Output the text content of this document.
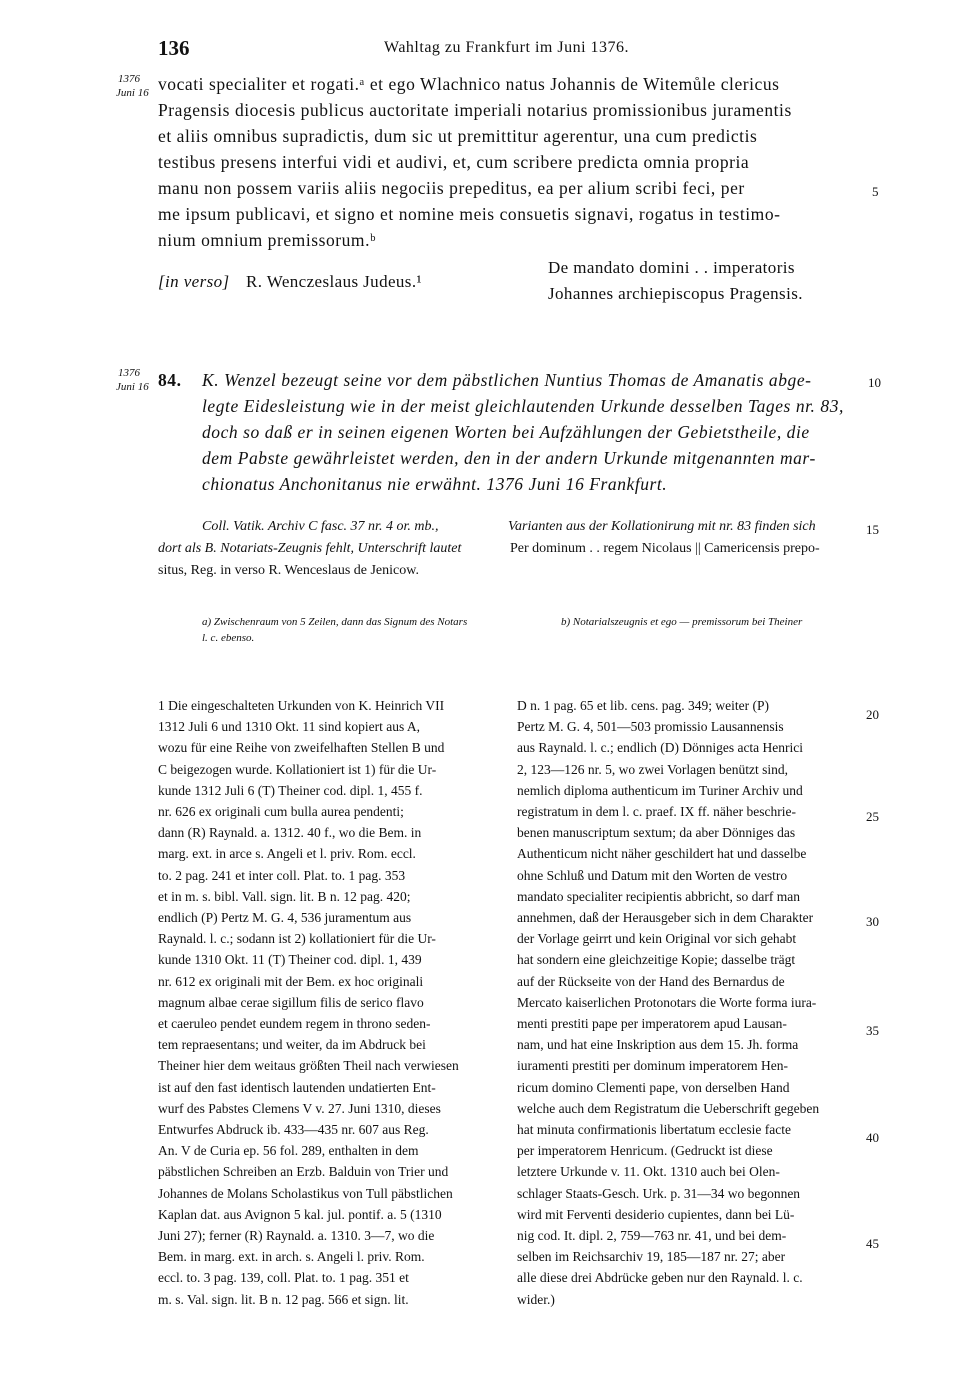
136	Wahltag zu Frankfurt im Juni 1376.
1376
Juni 16 vocati specialiter et rogati.ᵃ et ego Wlachnico natus Johannis de Witemůle clericus
Pragensis diocesis publicus auctoritate imperiali notarius promissionibus juramentis
et aliis omnibus supradictis, dum sic ut premittitur agerentur, una cum predictis
testibus presens interfui vidi et audivi, et, cum scribere predicta omnia propria
manu non possem variis aliis negociis prepeditus, ea per alium scribi feci, per
me ipsum publicavi, et signo et nomine meis consuetis signavi, rogatus in testimo-
nium omnium premissorum.ᵇ
5
10
15
20
25
30
35
40
45
[in verso] R. Wenczeslaus Judeus.¹
De mandato domini . . imperatoris
Johannes archiepiscopus Pragensis.
1376
Juni 16 84. K. Wenzel bezeugt seine vor dem päbstlichen Nuntius Thomas de Amanatis abge-
legte Eidesleistung wie in der meist gleichlautenden Urkunde desselben Tages nr. 83,
doch so daß er in seinen eigenen Worten bei Aufzählungen der Gebietstheile, die
dem Pabste gewährleistet werden, den in der andern Urkunde mitgenannten mar-
chionatus Anchonitanus nie erwähnt. 1376 Juni 16 Frankfurt.
Coll. Vatik. Archiv C fasc. 37 nr. 4 or. mb.,	Varianten aus der Kollationirung mit nr. 83 finden sich
dort als B. Notariats-Zeugnis fehlt, Unterschrift lautet	Per dominum . . regem Nicolaus || Camericensis prepo-
situs, Reg. in verso R. Wenceslaus de Jenicow.
a) Zwischenraum von 5 Zeilen, dann das Signum des Notars
l. c. ebenso.
b) Notarialszeugnis et ego — premissorum bei Theiner
1 Die eingeschalteten Urkunden von K. Heinrich VII
1312 Juli 6 und 1310 Okt. 11 sind kopiert aus A,
wozu für eine Reihe von zweifelhaften Stellen B und
C beigezogen wurde. Kollationiert ist 1) für die Ur-
kunde 1312 Juli 6 (T) Theiner cod. dipl. 1, 455 f.
nr. 626 ex originali cum bulla aurea pendenti;
dann (R) Raynald. a. 1312. 40 f., wo die Bem. in
marg. ext. in arce s. Angeli et l. priv. Rom. eccl.
to. 2 pag. 241 et inter coll. Plat. to. 1 pag. 353
et in m. s. bibl. Vall. sign. lit. B n. 12 pag. 420;
endlich (P) Pertz M. G. 4, 536 juramentum aus
Raynald. l. c.; sodann ist 2) kollationiert für die Ur-
kunde 1310 Okt. 11 (T) Theiner cod. dipl. 1, 439
nr. 612 ex originali mit der Bem. ex hoc originali
magnum albae cerae sigillum filis de serico flavo
et caeruleo pendet eundem regem in throno seden-
tem repraesentans; und weiter, da im Abdruck bei
Theiner hier dem weitaus größten Theil nach verwiesen
ist auf den fast identisch lautenden undatierten Ent-
wurf des Pabstes Clemens V v. 27. Juni 1310, dieses
Entwurfes Abdruck ib. 433—435 nr. 607 aus Reg.
An. V de Curia ep. 56 fol. 289, enthalten in dem
päbstlichen Schreiben an Erzb. Balduin von Trier und
Johannes de Molans Scholastikus von Tull päbstlichen
Kaplan dat. aus Avignon 5 kal. jul. pontif. a. 5 (1310
Juni 27); ferner (R) Raynald. a. 1310. 3—7, wo die
Bem. in marg. ext. in arch. s. Angeli l. priv. Rom.
eccl. to. 3 pag. 139, coll. Plat. to. 1 pag. 351 et
m. s. Val. sign. lit. B n. 12 pag. 566 et sign. lit.
D n. 1 pag. 65 et lib. cens. pag. 349; weiter (P)
Pertz M. G. 4, 501—503 promissio Lausannensis
aus Raynald. l. c.; endlich (D) Dönniges acta Henrici
2, 123—126 nr. 5, wo zwei Vorlagen benützt sind,
nemlich diploma authenticum im Turiner Archiv und
registratum in dem l. c. praef. IX ff. näher beschrie-
benen manuscriptum sextum; da aber Dönniges das
Authenticum nicht näher geschildert hat und dasselbe
ohne Schluß und Datum mit den Worten de vestro
mandato specialiter recipientis abbricht, so darf man
annehmen, daß der Herausgeber sich in dem Charakter
der Vorlage geirrt und kein Original vor sich gehabt
hat sondern eine gleichzeitige Kopie; dasselbe trägt
auf der Rückseite von der Hand des Bernardus de
Mercato kaiserlichen Protonotars die Worte forma iura-
menti prestiti pape per imperatorem apud Lausan-
nam, und hat eine Inskription aus dem 15. Jh. forma
iuramenti prestiti per dominum imperatorem Hen-
ricum domino Clementi pape, von derselben Hand
welche auch dem Registratum die Ueberschrift gegeben
hat minuta confirmationis libertatum ecclesie facte
per imperatorem Henricum. (Gedruckt ist diese
letztere Urkunde v. 11. Okt. 1310 auch bei Olen-
schlager Staats-Gesch. Urk. p. 31—34 wo begonnen
wird mit Ferventi desiderio cupientes, dann bei Lü-
nig cod. It. dipl. 2, 759—763 nr. 41, und bei dem-
selben im Reichsarchiv 19, 185—187 nr. 27; aber
alle diese drei Abdrücke geben nur den Raynald. l. c.
wider.)
